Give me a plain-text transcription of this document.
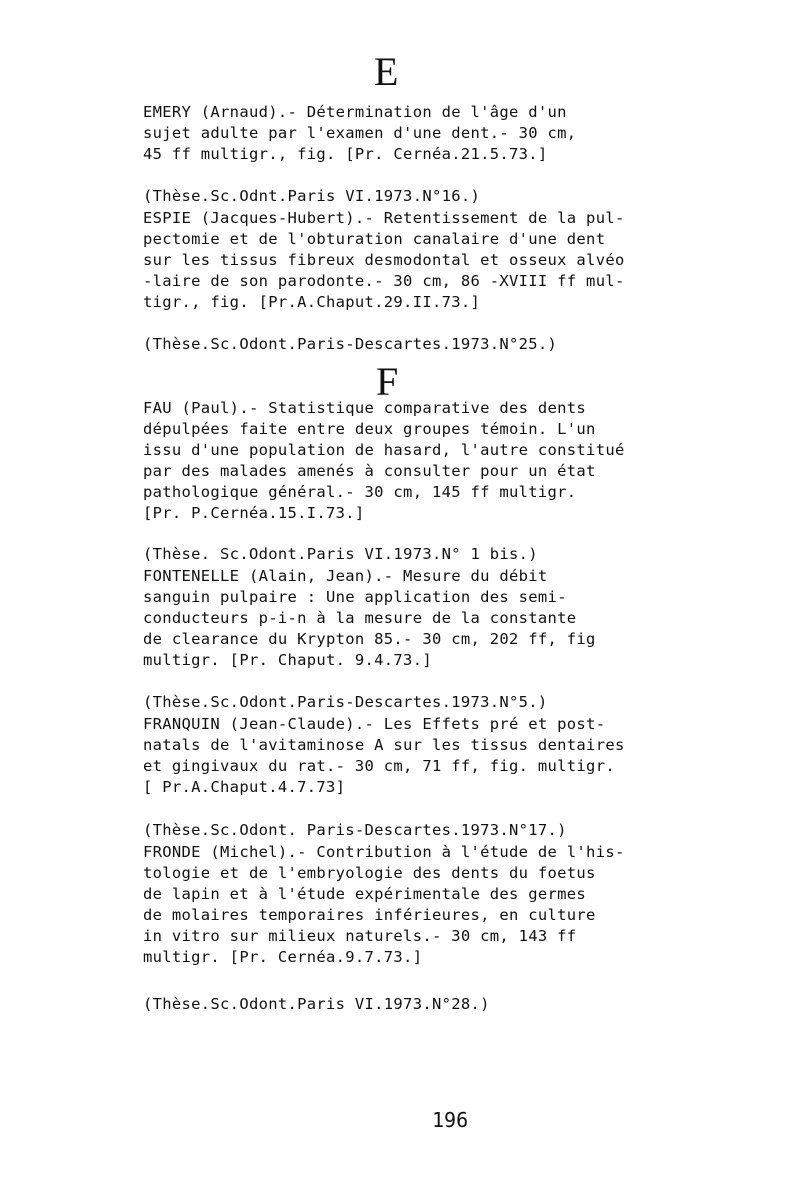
E
EMERY (Arnaud).- Détermination de l'âge d'un
sujet adulte par l'examen d'une dent.- 30 cm,
45 ff multigr., fig. [Pr. Cernéa.21.5.73.]
(Thèse.Sc.Odnt.Paris VI.1973.N°16.)
ESPIE (Jacques-Hubert).- Retentissement de la pul-
pectomie et de l'obturation canalaire d'une dent
sur les tissus fibreux desmodontal et osseux alvéo
-laire de son parodonte.- 30 cm, 86 -XVIII ff mul-
tigr., fig. [Pr.A.Chaput.29.II.73.]
(Thèse.Sc.Odont.Paris-Descartes.1973.N°25.)
F
FAU (Paul).- Statistique comparative des dents
dépulpées faite entre deux groupes témoin. L'un
issu d'une population de hasard, l'autre constitué
par des malades amenés à consulter pour un état
pathologique général.- 30 cm, 145 ff multigr.
[Pr. P.Cernéa.15.I.73.]
(Thèse. Sc.Odont.Paris VI.1973.N° 1 bis.)
FONTENELLE (Alain, Jean).- Mesure du débit
sanguin pulpaire : Une application des semi-
conducteurs p-i-n à la mesure de la constante
de clearance du Krypton 85.- 30 cm, 202 ff, fig
multigr. [Pr. Chaput. 9.4.73.]
(Thèse.Sc.Odont.Paris-Descartes.1973.N°5.)
FRANQUIN (Jean-Claude).- Les Effets pré et post-
natals de l'avitaminose A sur les tissus dentaires
et gingivaux du rat.- 30 cm, 71 ff, fig. multigr.
[ Pr.A.Chaput.4.7.73]
(Thèse.Sc.Odont. Paris-Descartes.1973.N°17.)
FRONDE (Michel).- Contribution à l'étude de l'his-
tologie et de l'embryologie des dents du foetus
de lapin et à l'étude expérimentale des germes
de molaires temporaires inférieures, en culture
in vitro sur milieux naturels.- 30 cm, 143 ff
multigr. [Pr. Cernéa.9.7.73.]
(Thèse.Sc.Odont.Paris VI.1973.N°28.)
196
